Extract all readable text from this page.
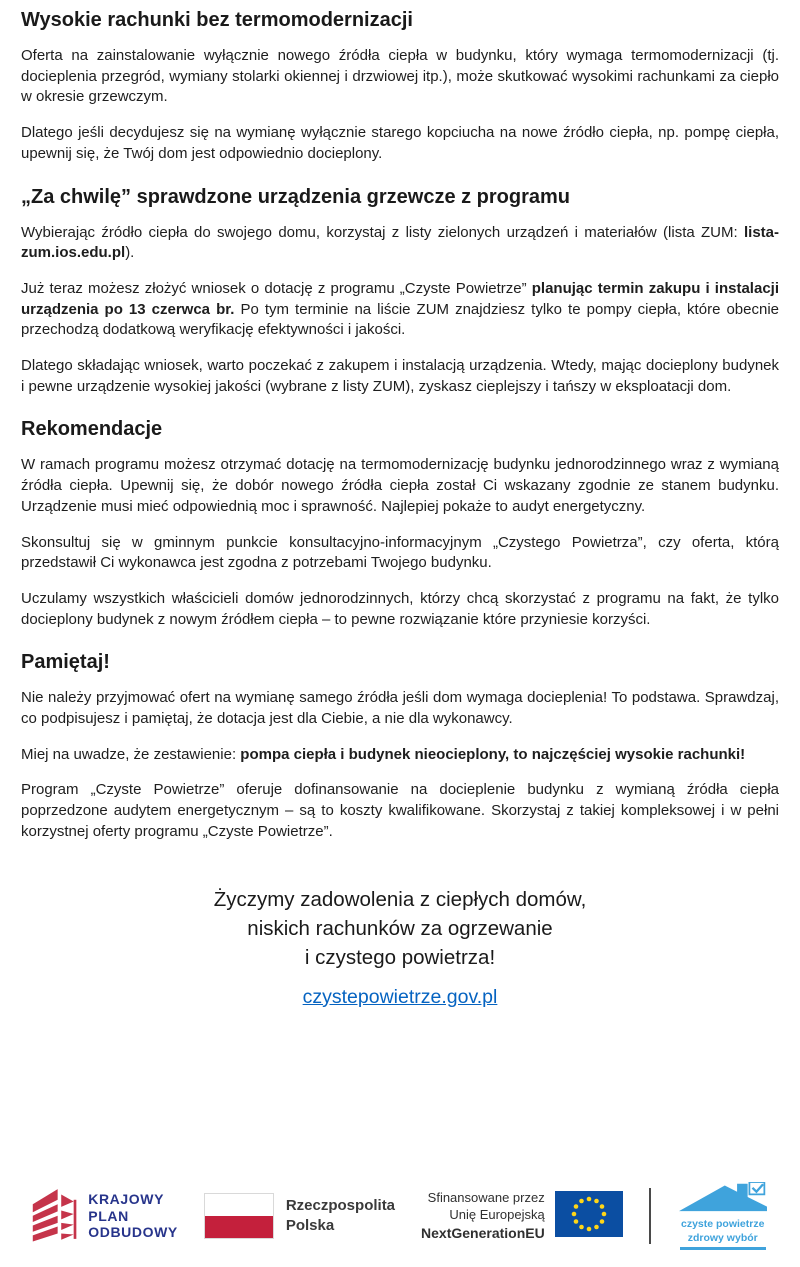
Wysokie rachunki bez termomodernizacji

Oferta na zainstalowanie wyłącznie nowego źródła ciepła w budynku, który wymaga termomodernizacji (tj. docieplenia przegród, wymiany stolarki okiennej i drzwiowej itp.), może skutkować wysokimi rachunkami za ciepło w okresie grzewczym.

Dlatego jeśli decydujesz się na wymianę wyłącznie starego kopciucha na nowe źródło ciepła, np. pompę ciepła, upewnij się, że Twój dom jest odpowiednio docieplony.

„Za chwilę” sprawdzone urządzenia grzewcze z programu

Wybierając źródło ciepła do swojego domu, korzystaj z listy zielonych urządzeń i materiałów (lista ZUM: lista-zum.ios.edu.pl).

Już teraz możesz złożyć wniosek o dotację z programu „Czyste Powietrze” planując termin zakupu i instalacji urządzenia po 13 czerwca br. Po tym terminie na liście ZUM znajdziesz tylko te pompy ciepła, które obecnie przechodzą dodatkową weryfikację efektywności i jakości.

Dlatego składając wniosek, warto poczekać z zakupem i instalacją urządzenia. Wtedy, mając docieplony budynek i pewne urządzenie wysokiej jakości (wybrane z listy ZUM), zyskasz cieplejszy i tańszy w eksploatacji dom.

Rekomendacje

W ramach programu możesz otrzymać dotację na termomodernizację budynku jednorodzinnego wraz z wymianą źródła ciepła. Upewnij się, że dobór nowego źródła ciepła został Ci wskazany zgodnie ze stanem budynku. Urządzenie musi mieć odpowiednią moc i sprawność. Najlepiej pokaże to audyt energetyczny.

Skonsultuj się w gminnym punkcie konsultacyjno-informacyjnym „Czystego Powietrza”, czy oferta, którą przedstawił Ci wykonawca jest zgodna z potrzebami Twojego budynku.

Uczulamy wszystkich właścicieli domów jednorodzinnych, którzy chcą skorzystać z programu na fakt, że tylko docieplony budynek z nowym źródłem ciepła – to pewne rozwiązanie które przyniesie korzyści.

Pamiętaj!

Nie należy przyjmować ofert na wymianę samego źródła jeśli dom wymaga docieplenia! To podstawa. Sprawdzaj, co podpisujesz i pamiętaj, że dotacja jest dla Ciebie, a nie dla wykonawcy.

Miej na uwadze, że zestawienie: pompa ciepła i budynek nieocieplony, to najczęściej wysokie rachunki!

Program „Czyste Powietrze” oferuje dofinansowanie na docieplenie budynku z wymianą źródła ciepła poprzedzone audytem energetycznym – są to koszty kwalifikowane. Skorzystaj z takiej kompleksowej i w pełni korzystnej oferty programu „Czyste Powietrze”.

Życzymy zadowolenia z ciepłych domów,
niskich rachunków za ogrzewanie
i czystego powietrza!
czystepowietrze.gov.pl
KRAJOWY
PLAN
ODBUDOWY
Rzeczpospolita
Polska
Sfinansowane przez
Unię Europejską
NextGenerationEU
czyste powietrze
zdrowy wybór
